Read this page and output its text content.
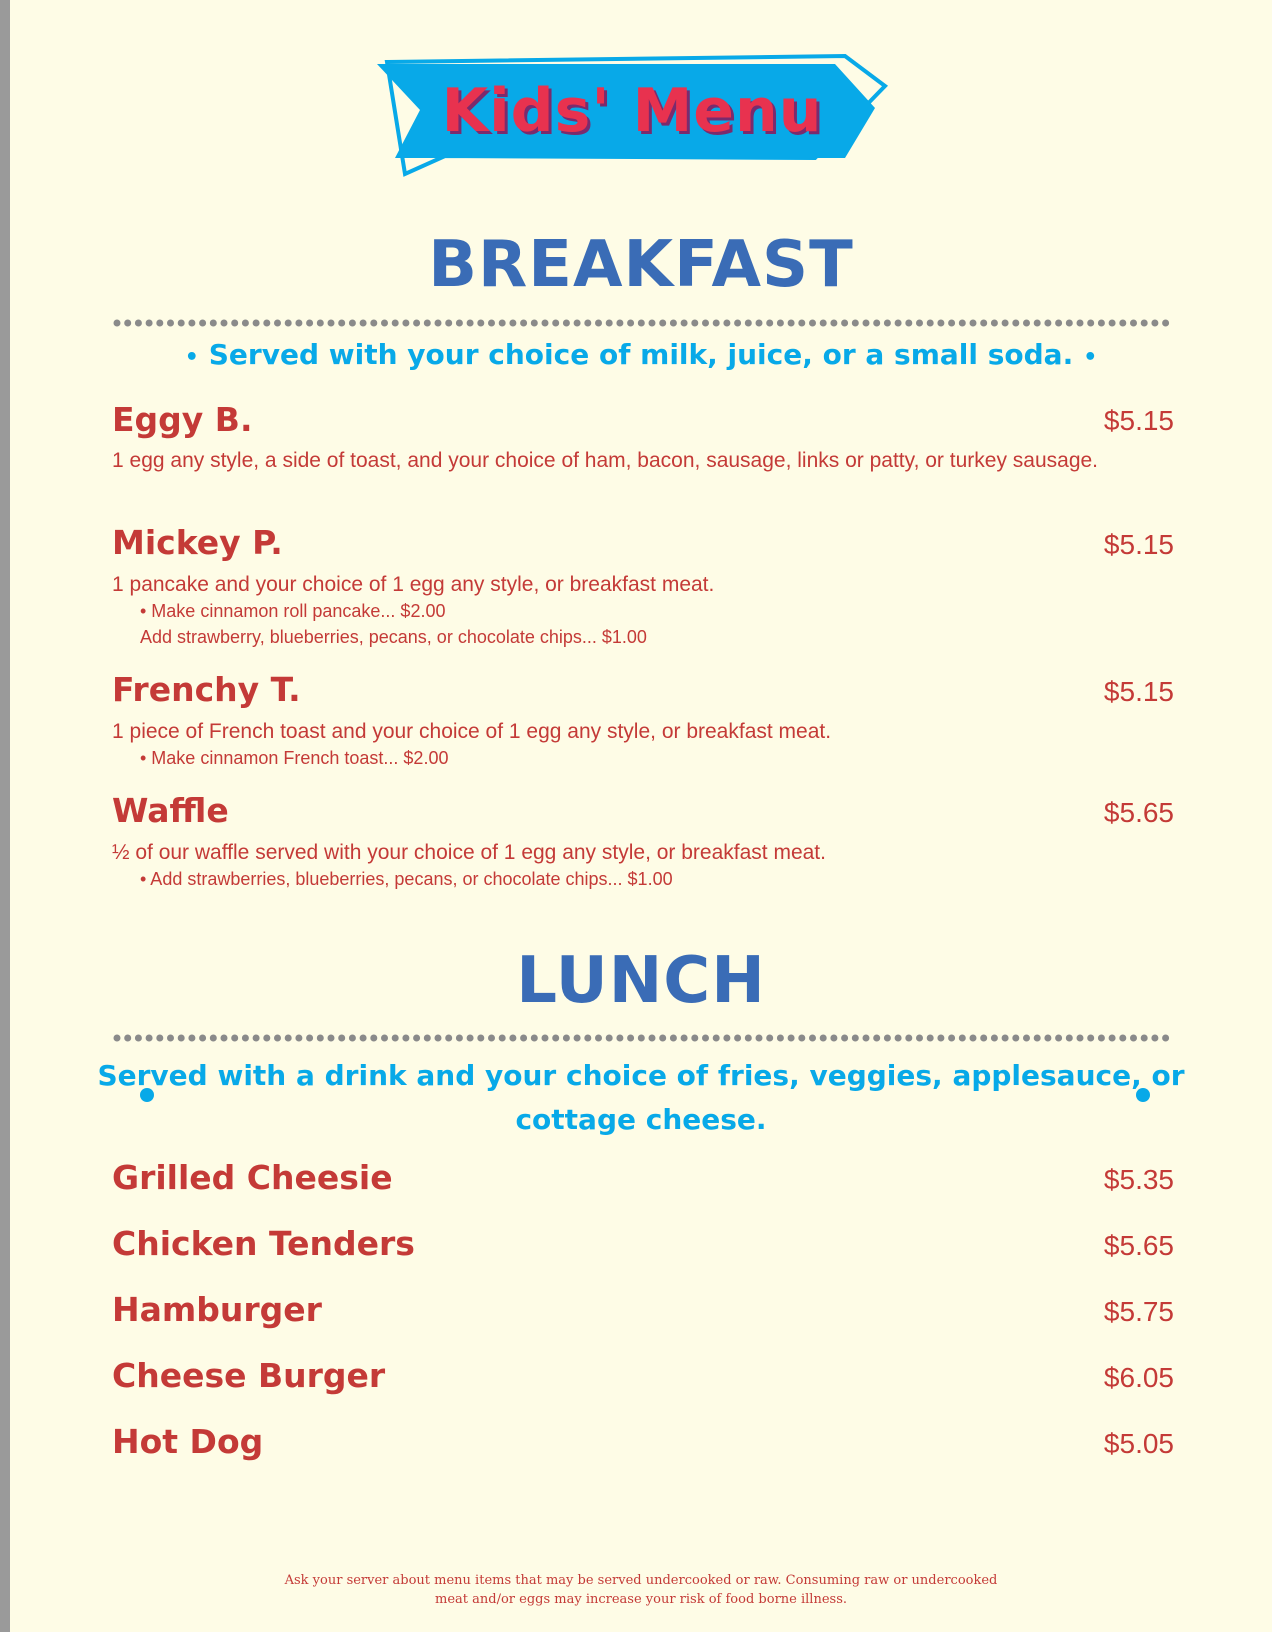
Kids' Menu
BREAKFAST
• Served with your choice of milk, juice, or a small soda. •
Eggy B.	$5.15
1 egg any style, a side of toast, and your choice of ham, bacon, sausage, links or patty, or turkey sausage.
Mickey P.	$5.15
1 pancake and your choice of 1 egg any style, or breakfast meat.
• Make cinnamon roll pancake... $2.00
Add strawberry, blueberries, pecans, or chocolate chips... $1.00
Frenchy T.	$5.15
1 piece of French toast and your choice of 1 egg any style, or breakfast meat.
• Make cinnamon French toast... $2.00
Waffle	$5.65
½ of our waffle served with your choice of 1 egg any style, or breakfast meat.
• Add strawberries, blueberries, pecans, or chocolate chips... $1.00
LUNCH
Served with a drink and your choice of fries, veggies, applesauce, or
cottage cheese.
Grilled Cheesie	$5.35
Chicken Tenders	$5.65
Hamburger	$5.75
Cheese Burger	$6.05
Hot Dog	$5.05
Ask your server about menu items that may be served undercooked or raw. Consuming raw or undercooked
meat and/or eggs may increase your risk of food borne illness.
